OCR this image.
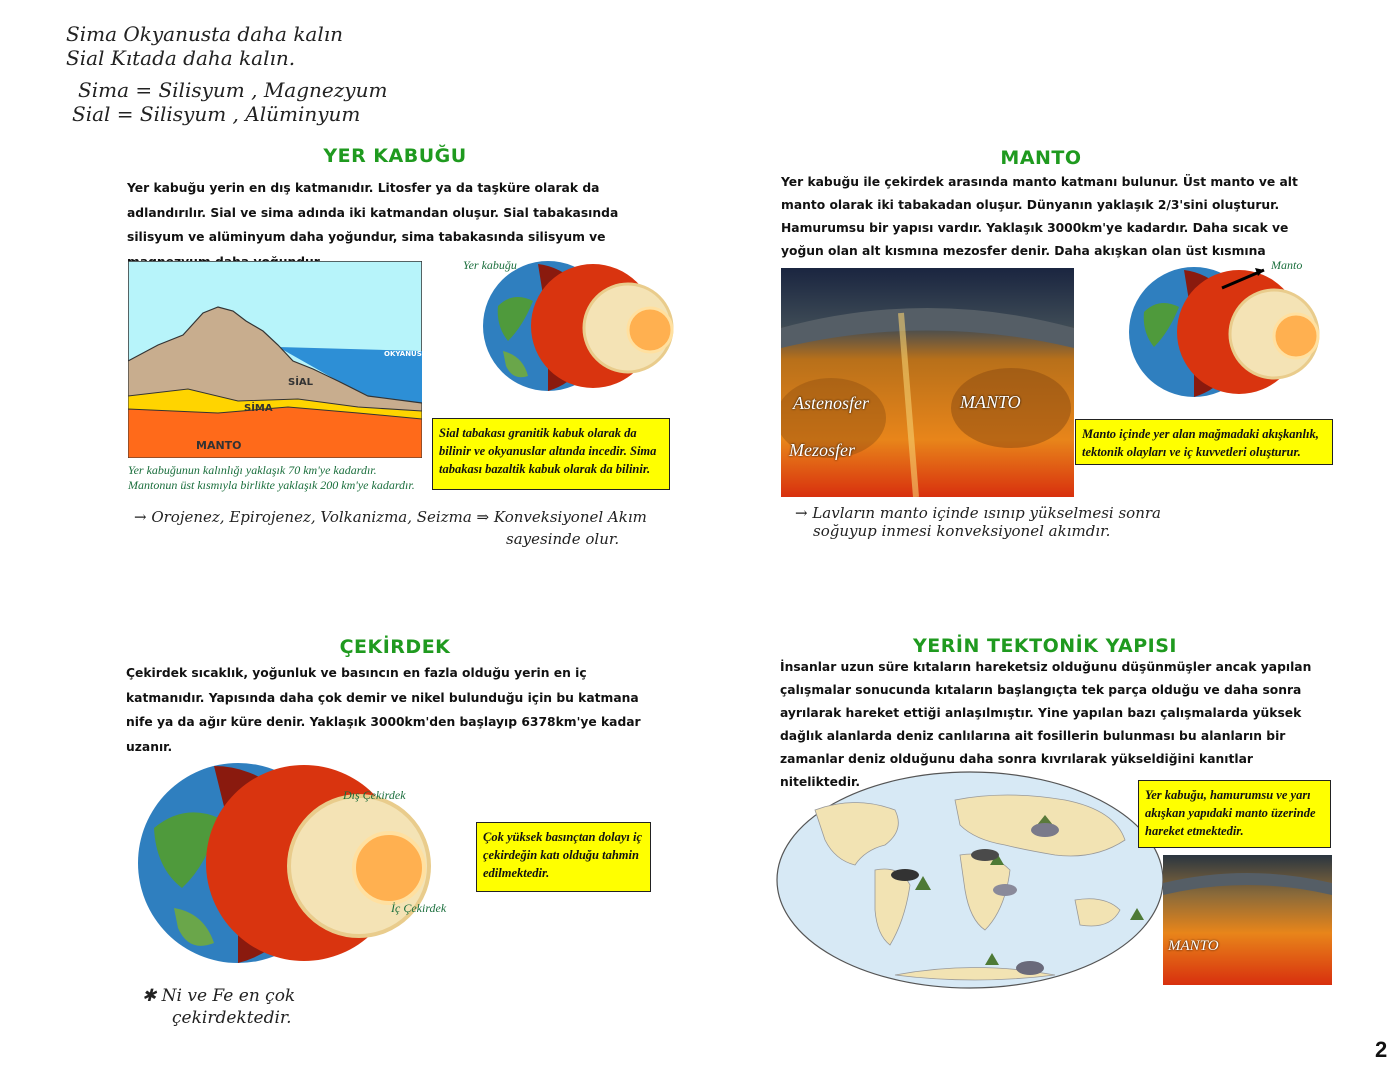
Sima Okyanusta daha kalın
Sial Kıtada daha kalın.
Sima = Silisyum , Magnezyum
Sial = Silisyum , Alüminyum
YER KABUĞU
Yer kabuğu yerin en dış katmanıdır. Litosfer ya da taşküre olarak da adlandırılır. Sial ve sima adında iki katmandan oluşur. Sial tabakasında silisyum ve alüminyum daha yoğundur, sima tabakasında silisyum ve
OKYANUS
SİAL
SİMA
MANTO
Yer kabuğunun kalınlığı yaklaşık 70 km'ye kadardır.
Mantonun üst kısmıyla birlikte yaklaşık 200 km'ye kadardır.
Yer kabuğu
Sial tabakası granitik kabuk olarak da bilinir ve okyanuslar altında incedir. Sima tabakası bazaltik kabuk olarak da bilinir.
→ Orojenez, Epirojenez, Volkanizma, Seizma ⇒ Konveksiyonel Akım
sayesinde olur.
MANTO
Yer kabuğu ile çekirdek arasında manto katmanı bulunur. Üst manto ve alt manto olarak iki tabakadan oluşur. Dünyanın yaklaşık 2/3'sini oluşturur. Hamurumsu bir yapısı vardır. Yaklaşık 3000km'ye kadardır. Daha sıcak ve yoğun olan alt kısmına mezosfer denir. Daha akışkan olan üst kısmına
Astenosfer	MANTO
Mezosfer
Manto
Manto içinde yer alan mağmadaki akışkanlık, tektonik olayları ve iç kuvvetleri oluşturur.
→ Lavların manto içinde ısınıp yükselmesi sonra
soğuyup inmesi konveksiyonel akımdır.
ÇEKİRDEK
Çekirdek sıcaklık, yoğunluk ve basıncın en fazla olduğu yerin en iç katmanıdır. Yapısında daha çok demir ve nikel bulunduğu için bu katmana nife ya da ağır küre denir. Yaklaşık 3000km'den başlayıp 6378km'ye kadar uzanır.
Dış Çekirdek
İç Çekirdek
Çok yüksek basınçtan dolayı iç çekirdeğin katı olduğu tahmin edilmektedir.
✱ Ni ve Fe en çok
çekirdektedir.
YERİN TEKTONİK YAPISI
İnsanlar uzun süre kıtaların hareketsiz olduğunu düşünmüşler ancak yapılan çalışmalar sonucunda kıtaların başlangıçta tek parça olduğu ve daha sonra ayrılarak hareket ettiği anlaşılmıştır. Yine yapılan bazı çalışmalarda yüksek dağlık alanlarda deniz canlılarına ait fosillerin bulunması bu alanların bir zamanlar deniz olduğunu daha sonra kıvrılarak yükseldiğini kanıtlar niteliktedir.
Yer kabuğu, hamurumsu ve yarı akışkan yapıdaki manto üzerinde hareket etmektedir.
MANTO
2
